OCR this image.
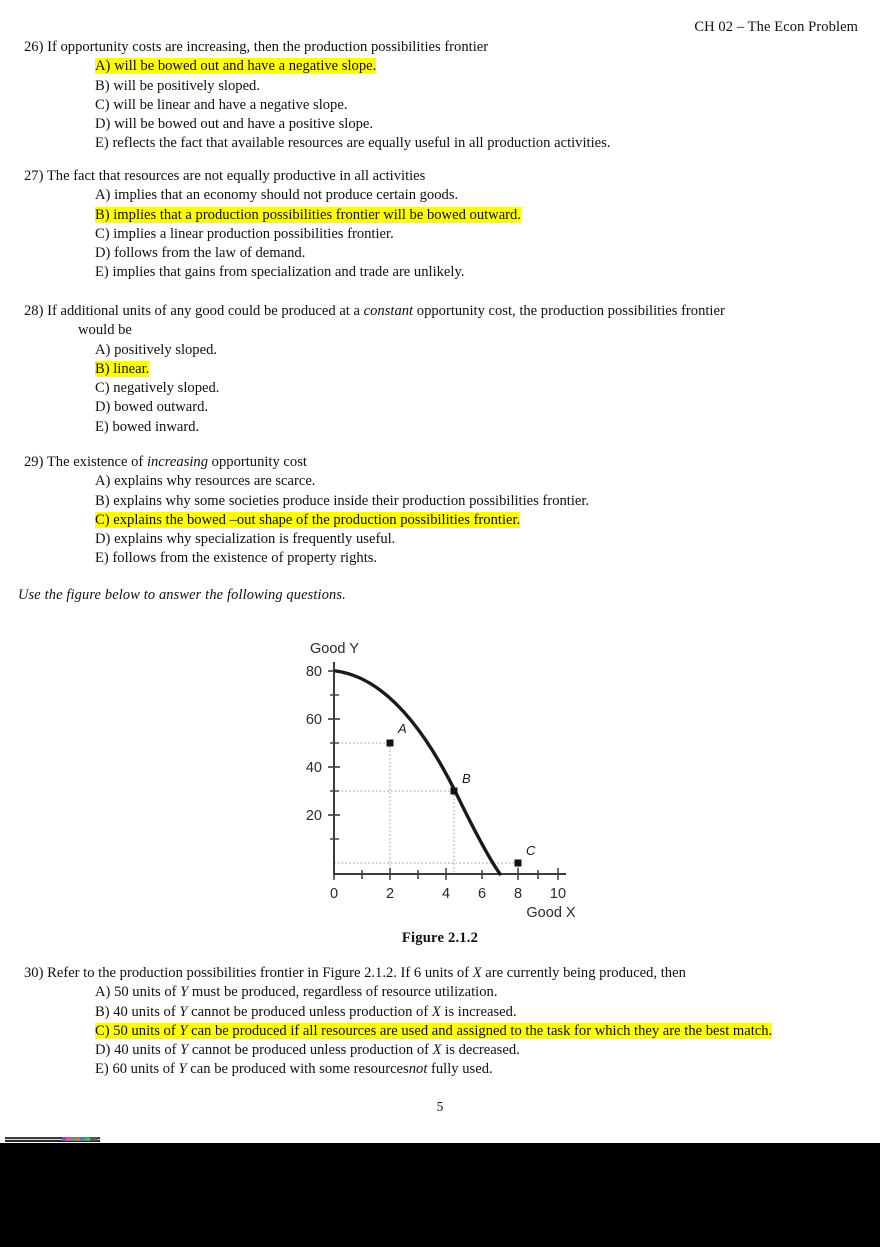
CH 02 – The Econ Problem
26) If opportunity costs are increasing, then the production possibilities frontier
A) will be bowed out and have a negative slope.
B) will be positively sloped.
C) will be linear and have a negative slope.
D) will be bowed out and have a positive slope.
E) reflects the fact that available resources are equally useful in all production activities.
27) The fact that resources are not equally productive in all activities
A) implies that an economy should not produce certain goods.
B) implies that a production possibilities frontier will be bowed outward.
C) implies a linear production possibilities frontier.
D) follows from the law of demand.
E) implies that gains from specialization and trade are unlikely.
28) If additional units of any good could be produced at a constant opportunity cost, the production possibilities frontier
would be
A) positively sloped.
B) linear.
C) negatively sloped.
D) bowed outward.
E) bowed inward.
29) The existence of increasing opportunity cost
A) explains why resources are scarce.
B) explains why some societies produce inside their production possibilities frontier.
C) explains the bowed –out shape of the production possibilities frontier.
D) explains why specialization is frequently useful.
E) follows from the existence of property rights.
Use the figure below to answer the following questions.
A
B
C
80
60
40
20
0	2	4 6 8 10
Good Y
Good X
Figure 2.1.2
30) Refer to the production possibilities frontier in Figure 2.1.2. If 6 units of X are currently being produced, then
A) 50 units of Y must be produced, regardless of resource utilization.
B) 40 units of Y cannot be produced unless production of X is increased.
C) 50 units of Y can be produced if all resources are used and assigned to the task for which they are the best match.
D) 40 units of Y cannot be produced unless production of X is decreased.
E) 60 units of Y can be produced with some resourcesnot fully used.
5
